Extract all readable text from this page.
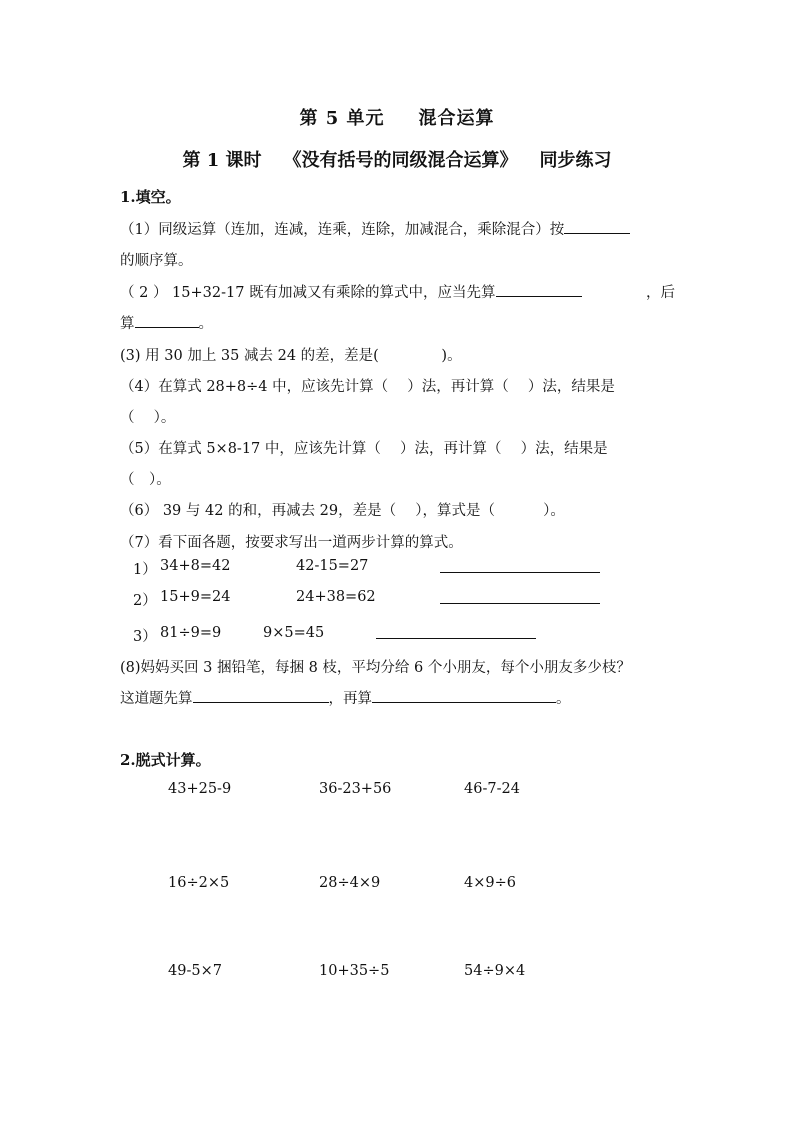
第 5 单元 混合运算
第 1 课时 《没有括号的同级混合运算》 同步练习
1.填空。
（1）同级运算（连加，连减，连乘，连除，加减混合，乘除混合）按
的顺序算。
（ 2 ） 15+32-17 既有加减又有乘除的算式中，应当先算	，后
算	。
(3) 用 30 加上 35 减去 24 的差，差是(　　　　 )。
（4）在算式 28+8÷4 中，应该先计算（　 ）法，再计算（　 ）法，结果是
（　 ）。
（5）在算式 5×8-17 中，应该先计算（　 ）法，再计算（　 ）法，结果是
（　）。
（6） 39 与 42 的和，再减去 29，差是（　 ），算式是（　　　 ）。
（7）看下面各题，按要求写出一道两步计算的算式。
1） 34+8=42	42-15=27
2） 15+9=24	24+38=62
3） 81÷9=9	9×5=45
(8)妈妈买回 3 捆铅笔，每捆 8 枝，平均分给 6 个小朋友，每个小朋友多少枝？
这道题先算	，再算	。
2.脱式计算。
43+25-9	36-23+56	46-7-24
16÷2×5	28÷4×9	4×9÷6
49-5×7	10+35÷5	54÷9×4
